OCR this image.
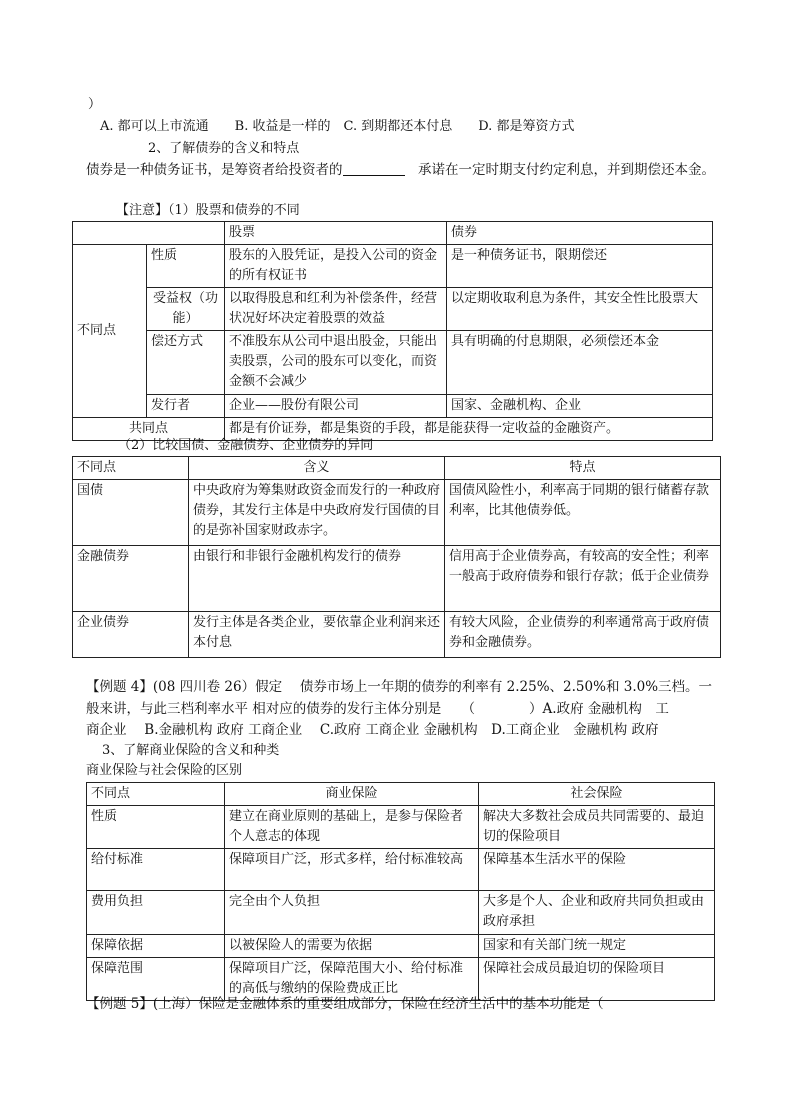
）
A. 都可以上市流通　　B. 收益是一样的　C. 到期都还本付息　　D. 都是筹资方式
2、了解债券的含义和特点
债券是一种债务证书，是筹资者给投资者的　	承诺在一定时期支付约定利息，并到期偿还本金。
【注意】（1）股票和债券的不同
		股票	债券
不同点	性质	股东的入股凭证，是投入公司的资金的所有权证书	是一种债务证书，限期偿还
	受益权（功能）	以取得股息和红利为补偿条件，经营状况好坏决定着股票的效益	以定期收取利息为条件，其安全性比股票大
	偿还方式	不准股东从公司中退出股金，只能出卖股票，公司的股东可以变化，而资金额不会减少	具有明确的付息期限，必须偿还本金
	发行者	企业——股份有限公司	国家、金融机构、企业
共同点		都是有价证券，都是集资的手段，都是能获得一定收益的金融资产。	
（2）比较国债、金融债券、企业债券的异同
不同点	含义	特点
国债	中央政府为筹集财政资金而发行的一种政府债券，其发行主体是中央政府发行国债的目的是弥补国家财政赤字。	国债风险性小，利率高于同期的银行储蓄存款利率，比其他债券低。
金融债券	由银行和非银行金融机构发行的债券	信用高于企业债券高，有较高的安全性；利率一般高于政府债券和银行存款；低于企业债券
企业债券	发行主体是各类企业，要依靠企业利润来还本付息	有较大风险，企业债券的利率通常高于政府债券和金融债券。
【例题 4】(08 四川卷 26）假定　 债券市场上一年期的债券的利率有 2.25%、2.50%和 3.0%三档。一
般来讲，与此三档利率水平 相对应的债券的发行主体分别是　　（　　　　）A.政府 金融机构　工
商企业　 B.金融机构 政府 工商企业　 C.政府 工商企业 金融机构　D.工商企业　金融机构 政府
3、了解商业保险的含义和种类
商业保险与社会保险的区别
不同点	商业保险	社会保险
性质	建立在商业原则的基础上，是参与保险者个人意志的体现	解决大多数社会成员共同需要的、最迫切的保险项目
给付标准	保障项目广泛，形式多样，给付标准较高	保障基本生活水平的保险
费用负担	完全由个人负担	大多是个人、企业和政府共同负担或由政府承担
保障依据	以被保险人的需要为依据	国家和有关部门统一规定
保障范围	保障项目广泛，保障范围大小、给付标准的高低与缴纳的保险费成正比	保障社会成员最迫切的保险项目
【例题 5】(上海）保险是金融体系的重要组成部分，保险在经济生活中的基本功能是（
